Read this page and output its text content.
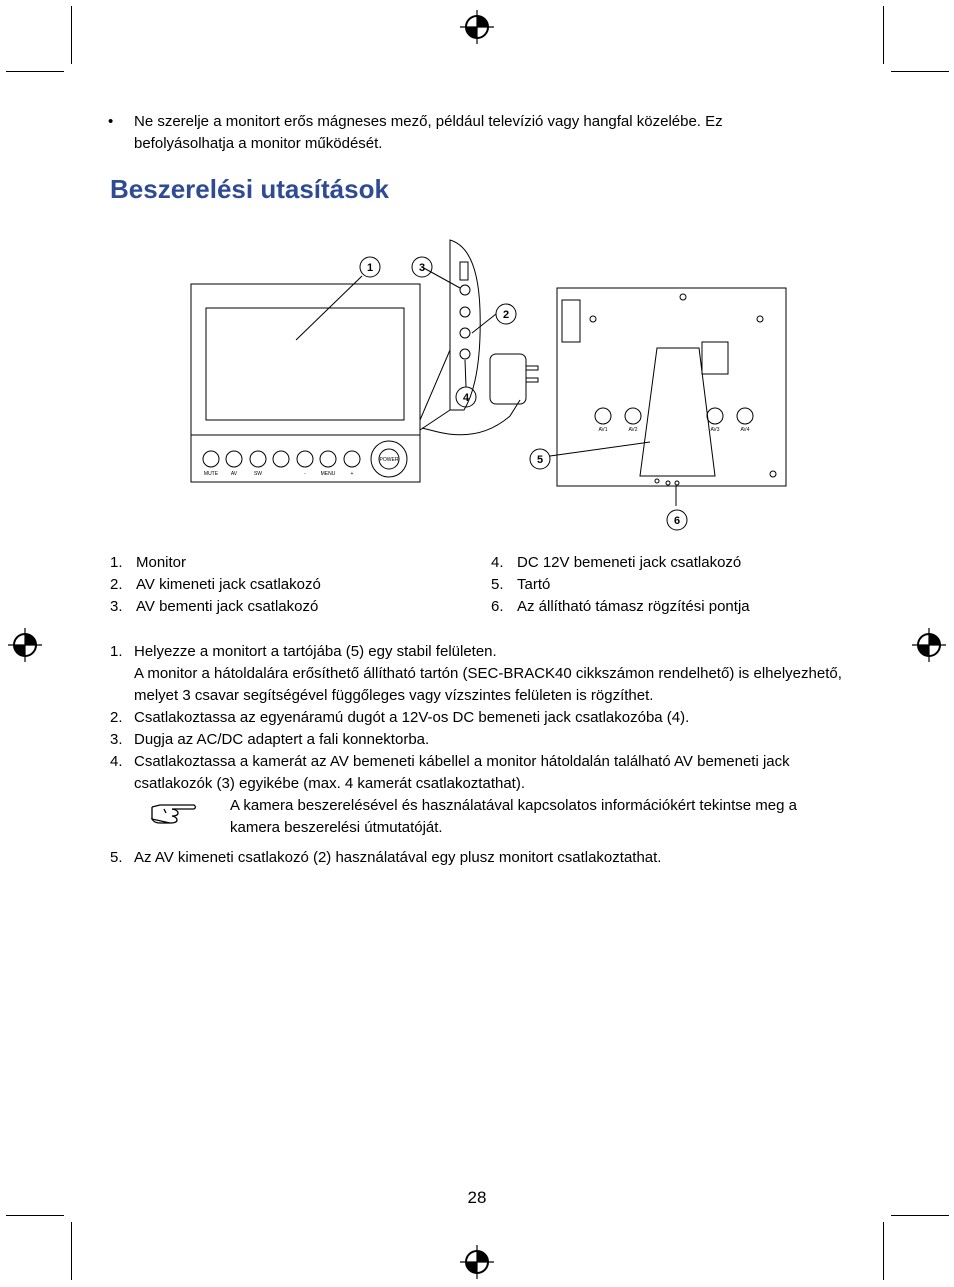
• Ne szerelje a monitort erős mágneses mező, például televízió vagy hangfal közelébe. Ez befolyásolhatja a monitor működését.
Beszerelési utasítások
1	3
2
4
5
6
MUTE	AV	SW	-	MENU	+
POWER
AV1	AV2	AV3	AV4
1. Monitor
2. AV kimeneti jack csatlakozó
3. AV bementi jack csatlakozó
4. DC 12V bemeneti jack csatlakozó
5. Tartó
6. Az állítható támasz rögzítési pontja
1. Helyezze a monitort a tartójába (5) egy stabil felületen.
A monitor a hátoldalára erősíthető állítható tartón (SEC-BRACK40 cikkszámon rendelhető) is elhelyezhető, melyet 3 csavar segítségével függőleges vagy vízszintes felületen is rögzíthet.
2. Csatlakoztassa az egyenáramú dugót a 12V-os DC bemeneti jack csatlakozóba (4).
3. Dugja az AC/DC adaptert a fali konnektorba.
4. Csatlakoztassa a kamerát az AV bemeneti kábellel a monitor hátoldalán található AV bemeneti jack csatlakozók (3) egyikébe (max. 4 kamerát csatlakoztathat).
A kamera beszerelésével és használatával kapcsolatos információkért tekintse meg a kamera beszerelési útmutatóját.
5. Az AV kimeneti csatlakozó (2) használatával egy plusz monitort csatlakoztathat.
28
